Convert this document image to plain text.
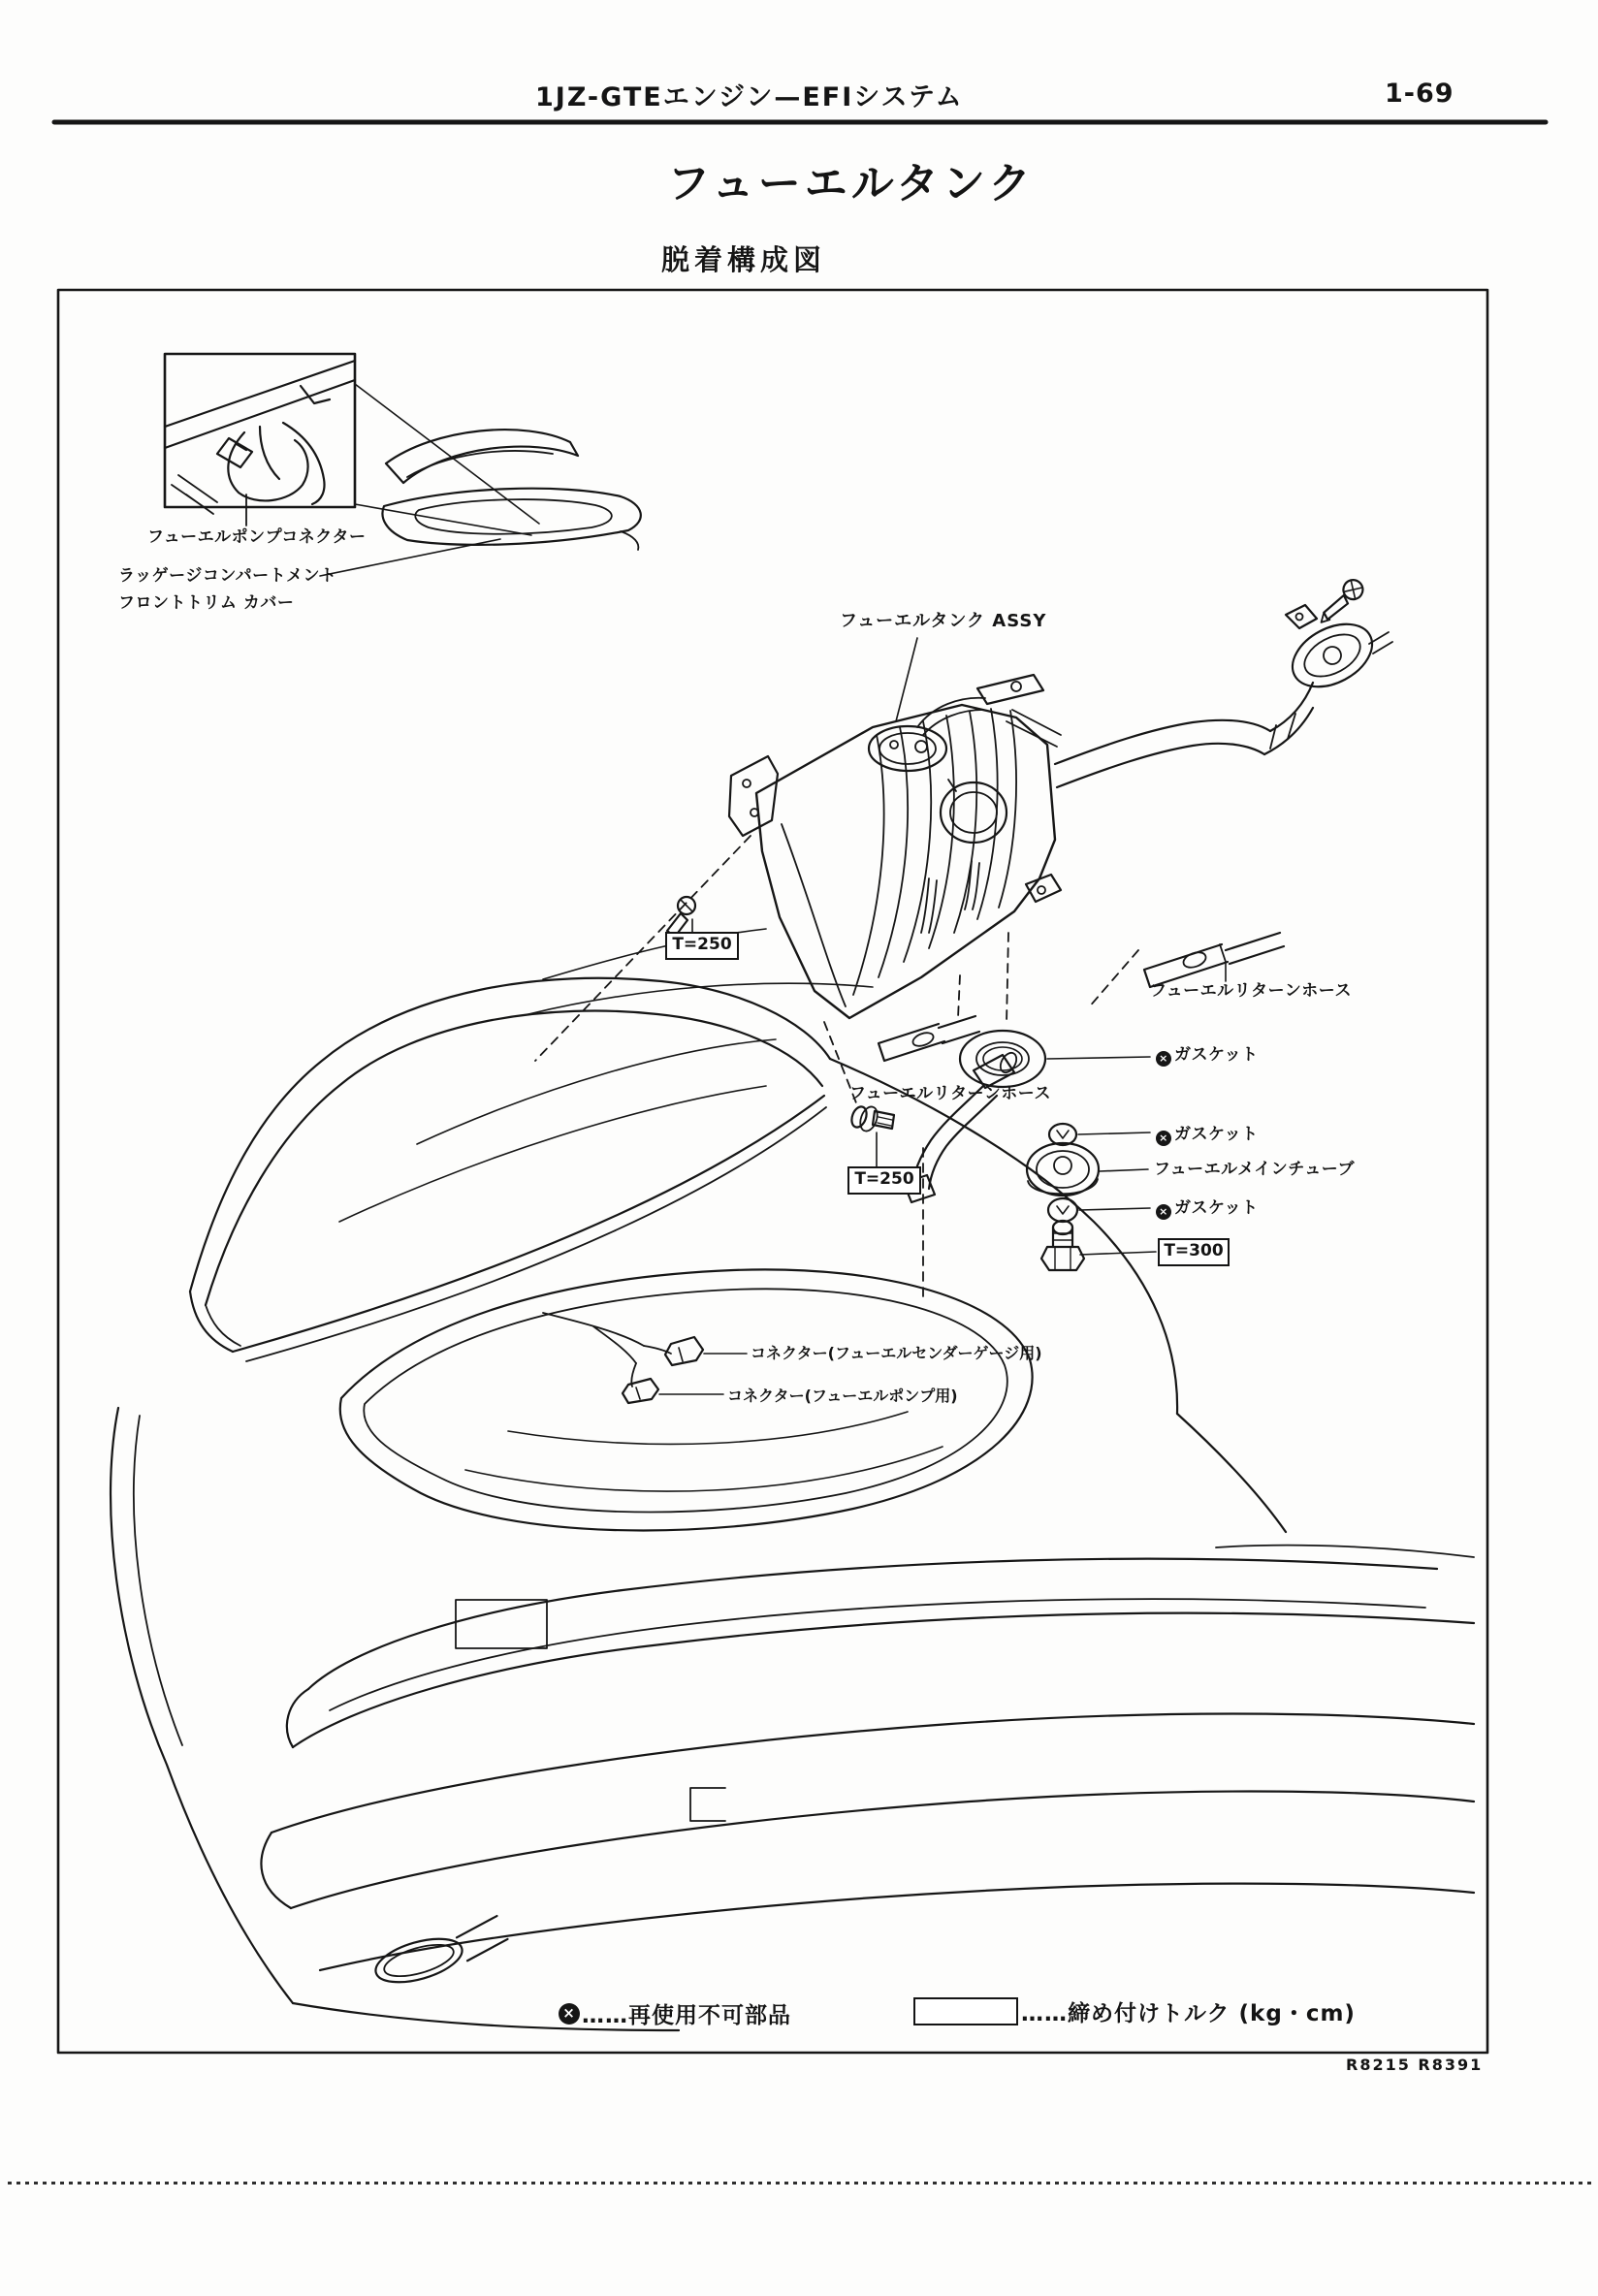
1JZ-GTEエンジン—EFIシステム	1-69
フューエルタンク
脱着構成図
フューエルポンプコネクター
ラッゲージコンパートメント
フロントトリム カバー
フューエルタンク ASSY
フューエルリターンホース
フューエルリターンホース
× ガスケット
× ガスケット
フューエルメインチューブ
× ガスケット
コネクター(フューエルセンダーゲージ用)
コネクター(フューエルポンプ用)
T=250
T=250
T=300
× ……再使用不可部品	……締め付けトルク (kg・cm)
R8215 R8391
